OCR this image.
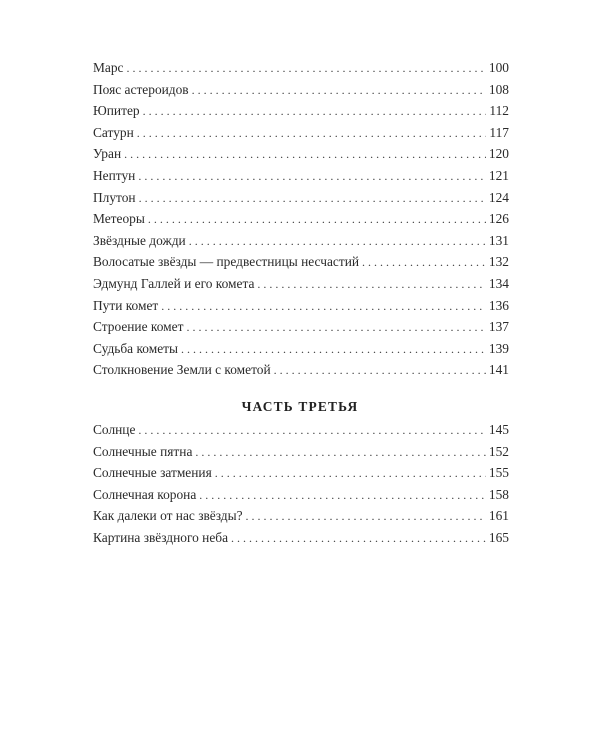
Марс . . .	100
Пояс астероидов . . .	108
Юпитер . . .	112
Сатурн . . .	117
Уран . . .	120
Нептун . . .	121
Плутон . . .	124
Метеоры . . .	126
Звёздные дожди . . .	131
Волосатые звёзды — предвестницы несчастий . . .	132
Эдмунд Галлей и его комета . . .	134
Пути комет . . .	136
Строение комет . . .	137
Судьба кометы . . .	139
Столкновение Земли с кометой . . .	141
ЧАСТЬ ТРЕТЬЯ
Солнце . . .	145
Солнечные пятна . . .	152
Солнечные затмения . . .	155
Солнечная корона . . .	158
Как далеки от нас звёзды? . . .	161
Картина звёздного неба . . .	165
